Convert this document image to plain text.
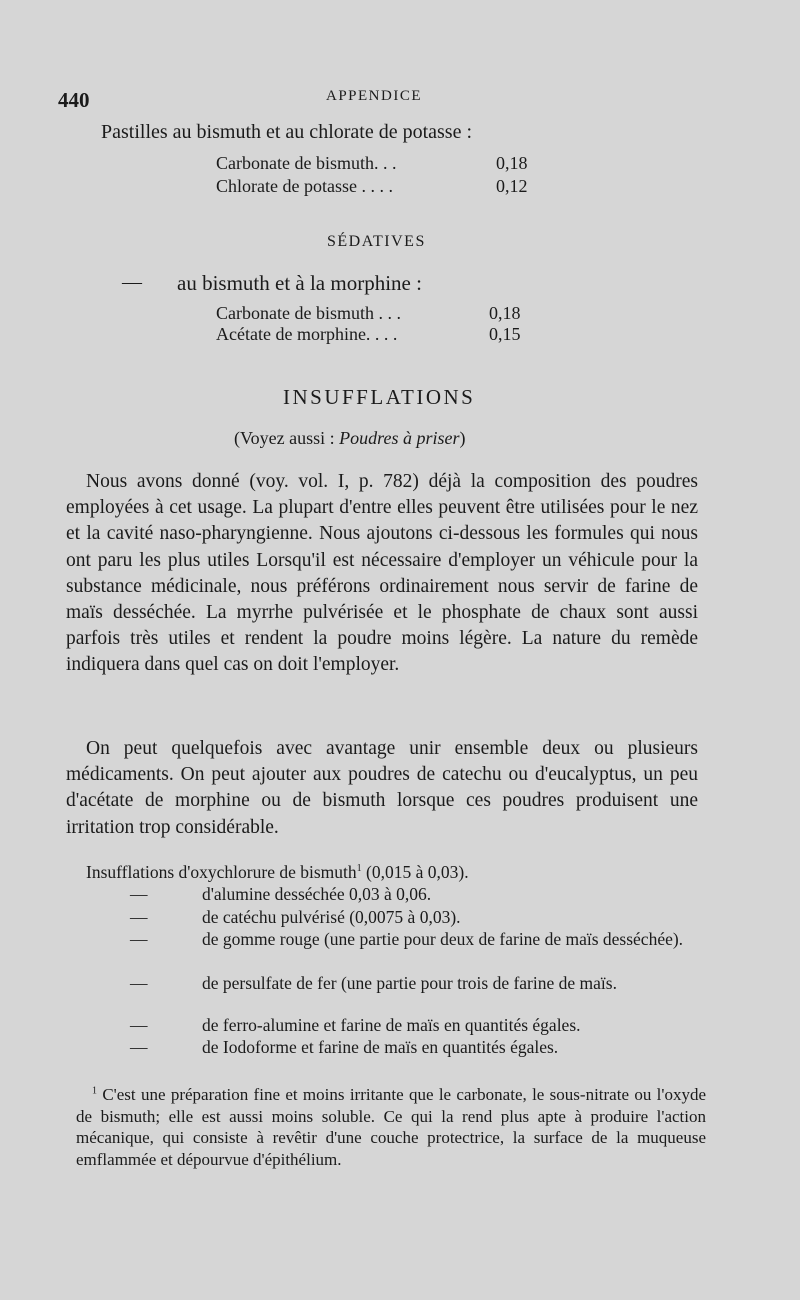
440	APPENDICE
Pastilles au bismuth et au chlorate de potasse :
Carbonate de bismuth. . .	0,18
Chlorate de potasse . . . .	0,12
SÉDATIVES
— au bismuth et à la morphine :
Carbonate de bismuth . . .	0,18
Acétate de morphine. . . .	0,15
INSUFFLATIONS
(Voyez aussi : Poudres à priser)
Nous avons donné (voy. vol. I, p. 782) déjà la composition des poudres employées à cet usage. La plupart d'entre elles peuvent être utilisées pour le nez et la cavité naso-pharyngienne. Nous ajoutons ci-dessous les formules qui nous ont paru les plus utiles Lorsqu'il est nécessaire d'employer un véhicule pour la substance médicinale, nous préférons ordinairement nous servir de farine de maïs desséchée. La myrrhe pulvérisée et le phosphate de chaux sont aussi parfois très utiles et rendent la poudre moins légère. La nature du remède indiquera dans quel cas on doit l'employer.
On peut quelquefois avec avantage unir ensemble deux ou plusieurs médicaments. On peut ajouter aux poudres de catechu ou d'eucalyptus, un peu d'acétate de morphine ou de bismuth lorsque ces poudres produisent une irritation trop considérable.
Insufflations d'oxychlorure de bismuth$^1$ (0,015 à 0,03).
—	d'alumine desséchée 0,03 à 0,06.
—	de catéchu pulvérisé (0,0075 à 0,03).
—	de gomme rouge (une partie pour deux de farine de maïs desséchée).
—	de persulfate de fer (une partie pour trois de farine de maïs.
—	de ferro-alumine et farine de maïs en quantités égales.
—	de Iodoforme et farine de maïs en quantités égales.
$^1$ C'est une préparation fine et moins irritante que le carbonate, le sous-nitrate ou l'oxyde de bismuth; elle est aussi moins soluble. Ce qui la rend plus apte à produire l'action mécanique, qui consiste à revêtir d'une couche protectrice, la surface de la muqueuse emflammée et dépourvue d'épithélium.
